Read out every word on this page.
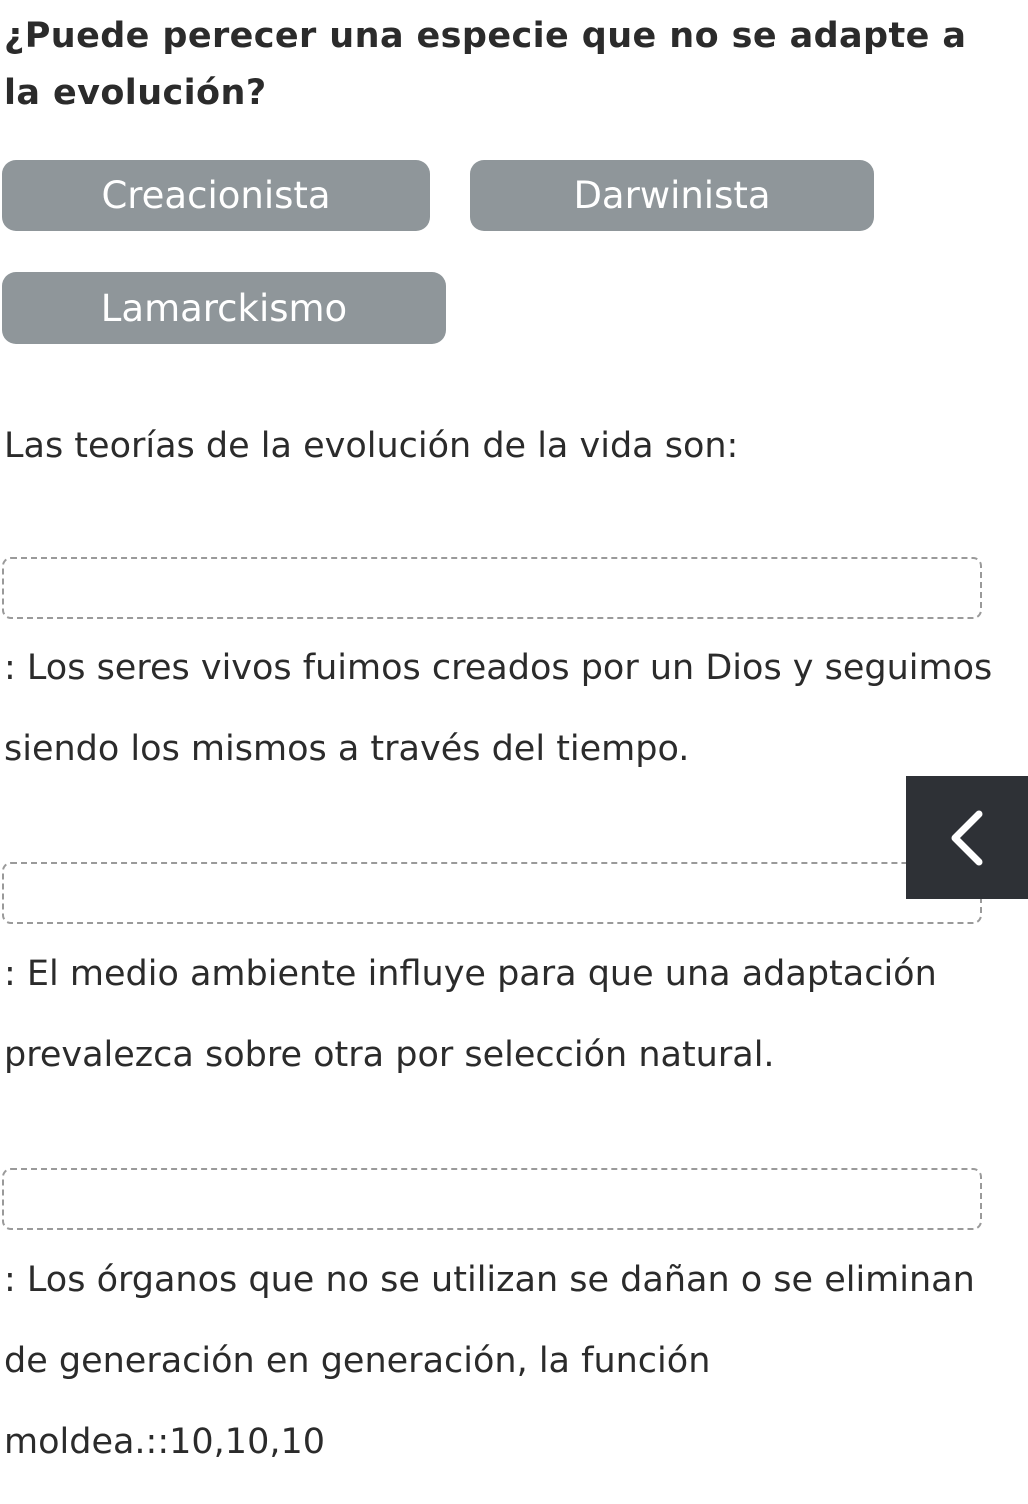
¿Puede perecer una especie que no se adapte a la evolución?
Creacionista	Darwinista
Lamarckismo
Las teorías de la evolución de la vida son:
: Los seres vivos fuimos creados por un Dios y seguimos siendo los mismos a través del tiempo.
: El medio ambiente influye para que una adaptación prevalezca sobre otra por selección natural.
: Los órganos que no se utilizan se dañan o se eliminan de generación en generación, la función moldea.::10,10,10
